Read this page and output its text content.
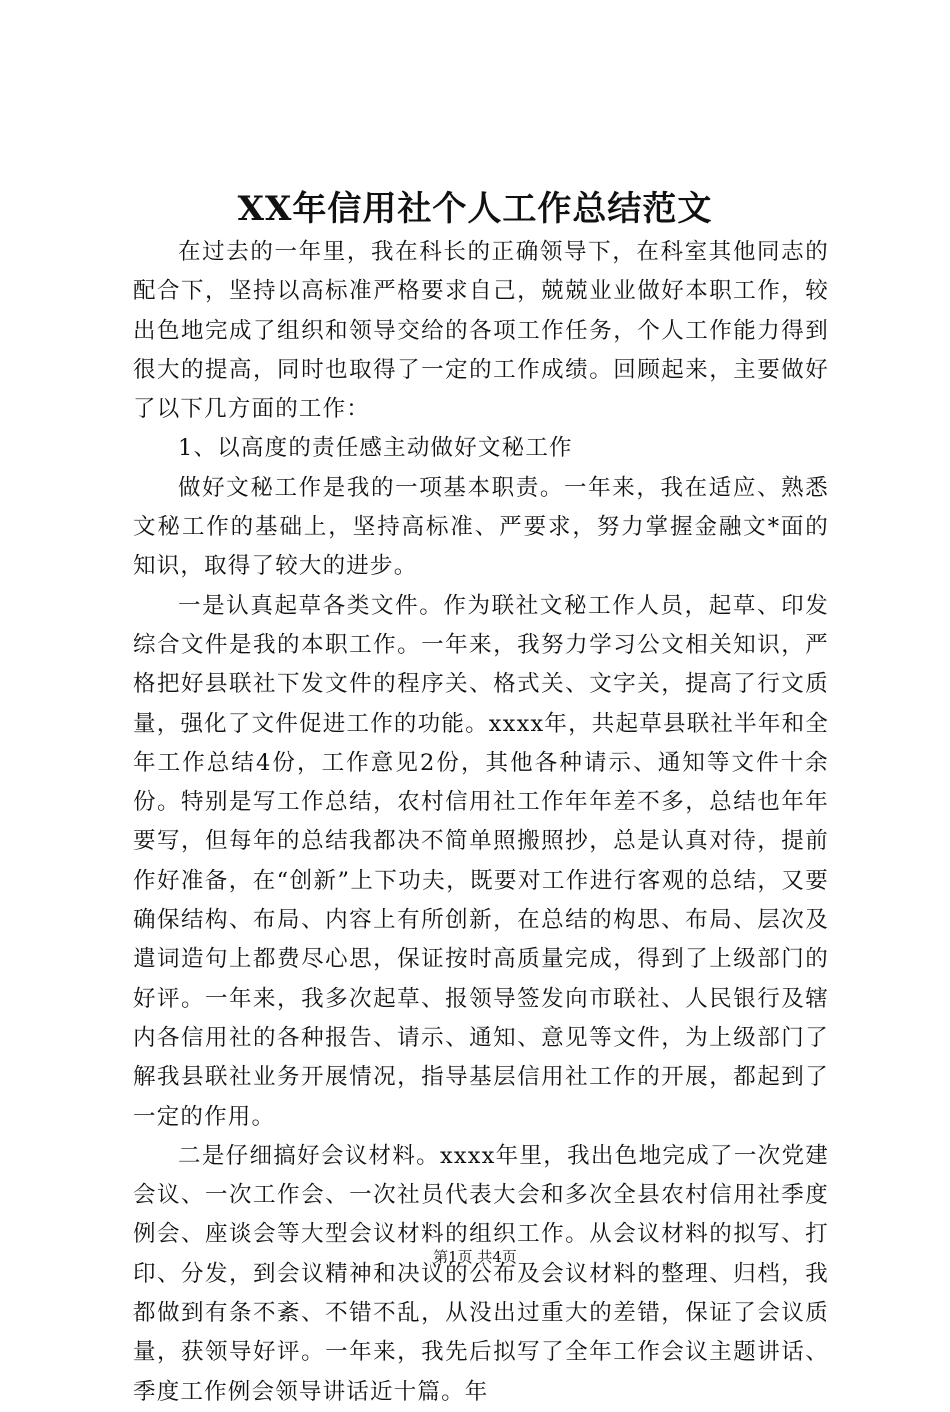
XX年信用社个人工作总结范文

在过去的一年里，我在科长的正确领导下，在科室其他同志的配合下，坚持以高标准严格要求自己，兢兢业业做好本职工作，较出色地完成了组织和领导交给的各项工作任务，个人工作能力得到很大的提高，同时也取得了一定的工作成绩。回顾起来，主要做好了以下几方面的工作：

1、以高度的责任感主动做好文秘工作

做好文秘工作是我的一项基本职责。一年来，我在适应、熟悉文秘工作的基础上，坚持高标准、严要求，努力掌握金融文*面的知识，取得了较大的进步。

一是认真起草各类文件。作为联社文秘工作人员，起草、印发综合文件是我的本职工作。一年来，我努力学习公文相关知识，严格把好县联社下发文件的程序关、格式关、文字关，提高了行文质量，强化了文件促进工作的功能。xxxx年，共起草县联社半年和全年工作总结4份，工作意见2份，其他各种请示、通知等文件十余份。特别是写工作总结，农村信用社工作年年差不多，总结也年年要写，但每年的总结我都决不简单照搬照抄，总是认真对待，提前作好准备，在“创新”上下功夫，既要对工作进行客观的总结，又要确保结构、布局、内容上有所创新，在总结的构思、布局、层次及遣词造句上都费尽心思，保证按时高质量完成，得到了上级部门的好评。一年来，我多次起草、报领导签发向市联社、人民银行及辖内各信用社的各种报告、请示、通知、意见等文件，为上级部门了解我县联社业务开展情况，指导基层信用社工作的开展，都起到了一定的作用。

二是仔细搞好会议材料。xxxx年里，我出色地完成了一次党建会议、一次工作会、一次社员代表大会和多次全县农村信用社季度例会、座谈会等大型会议材料的组织工作。从会议材料的拟写、打印、分发，到会议精神和决议的公布及会议材料的整理、归档，我都做到有条不紊、不错不乱，从没出过重大的差错，保证了会议质量，获领导好评。一年来，我先后拟写了全年工作会议主题讲话、季度工作例会领导讲话近十篇。年

第1页 共4页
